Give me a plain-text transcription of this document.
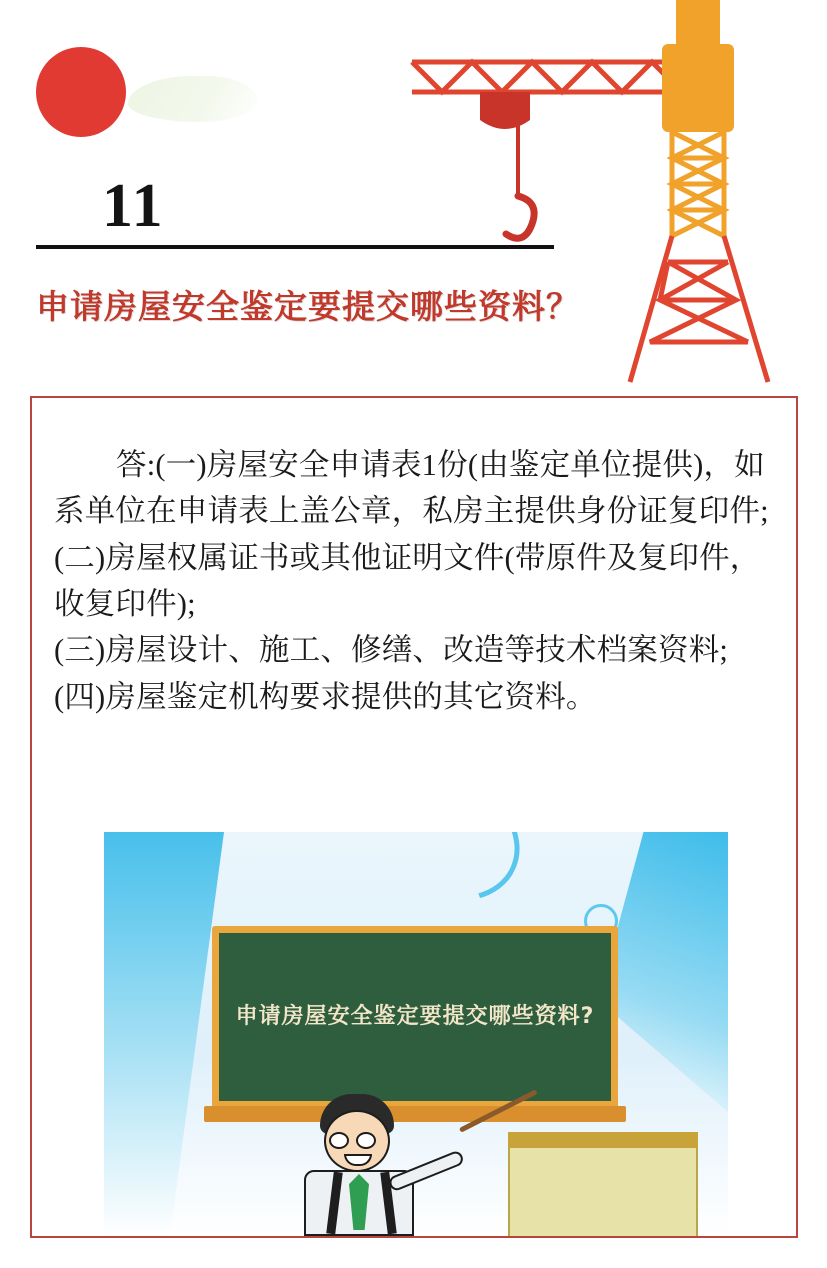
11
申请房屋安全鉴定要提交哪些资料？

答:(一)房屋安全申请表1份(由鉴定单位提供)，如系单位在申请表上盖公章，私房主提供身份证复印件;

(二)房屋权属证书或其他证明文件(带原件及复印件，收复印件);

(三)房屋设计、施工、修缮、改造等技术档案资料;

(四)房屋鉴定机构要求提供的其它资料。

申请房屋安全鉴定要提交哪些资料?
